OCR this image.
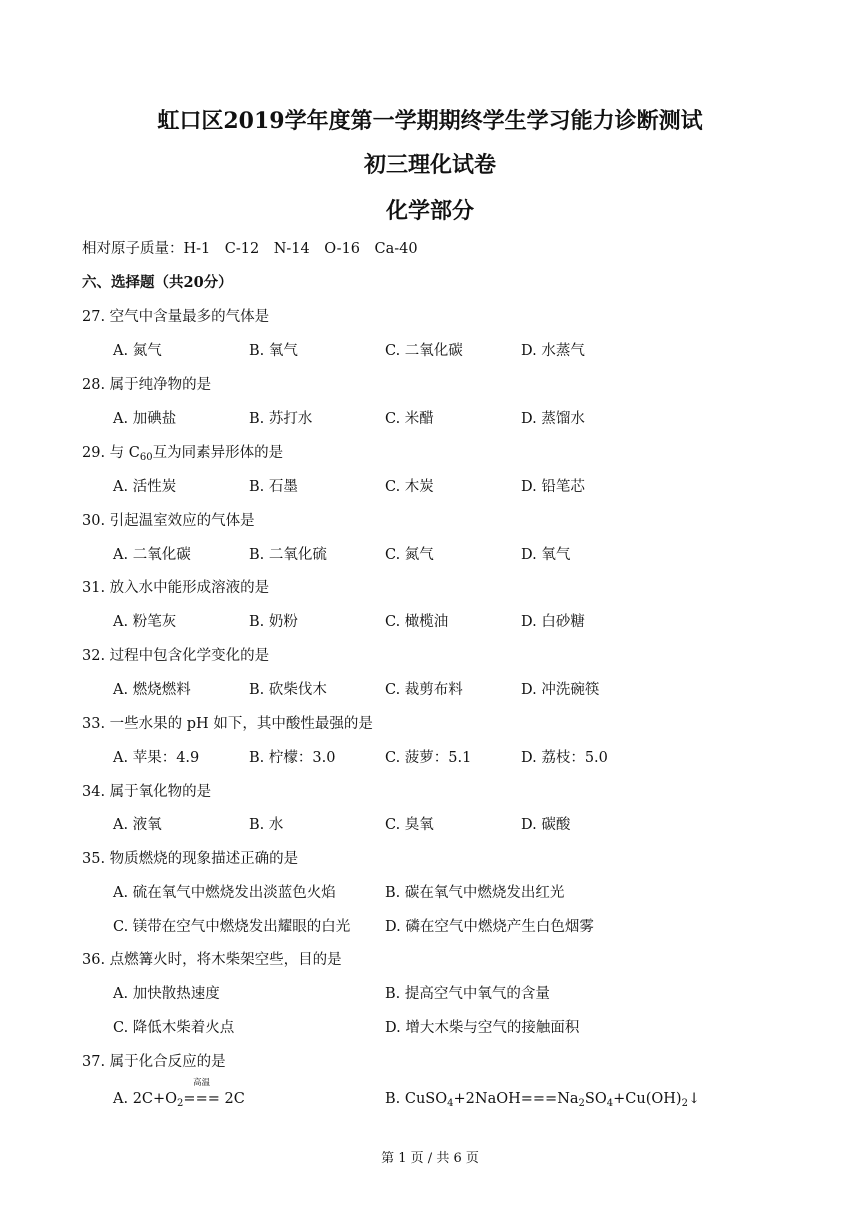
虹口区2019学年度第一学期期终学生学习能力诊断测试
初三理化试卷
化学部分
相对原子质量：H-1　C-12　N-14　O-16　Ca-40
六、选择题（共20分）
27. 空气中含量最多的气体是
A. 氮气	B. 氧气	C. 二氧化碳	D. 水蒸气
28. 属于纯净物的是
A. 加碘盐	B. 苏打水	C. 米醋	D. 蒸馏水
29. 与 $C_{60}$互为同素异形体的是
A. 活性炭	B. 石墨	C. 木炭	D. 铅笔芯
30. 引起温室效应的气体是
A. 二氧化碳	B. 二氧化硫	C. 氮气	D. 氧气
31. 放入水中能形成溶液的是
A. 粉笔灰	B. 奶粉	C. 橄榄油	D. 白砂糖
32. 过程中包含化学变化的是
A. 燃烧燃料	B. 砍柴伐木	C. 裁剪布料	D. 冲洗碗筷
33. 一些水果的 pH 如下，其中酸性最强的是
A. 苹果：4.9	B. 柠檬：3.0	C. 菠萝：5.1	D. 荔枝：5.0
34. 属于氧化物的是
A. 液氧	B. 水	C. 臭氧	D. 碳酸
35. 物质燃烧的现象描述正确的是
A. 硫在氧气中燃烧发出淡蓝色火焰	B. 碳在氧气中燃烧发出红光
C. 镁带在空气中燃烧发出耀眼的白光 D. 磷在空气中燃烧产生白色烟雾
36. 点燃篝火时，将木柴架空些，目的是
A. 加快散热速度	B. 提高空气中氧气的含量
C. 降低木柴着火点	D. 增大木柴与空气的接触面积
37. 属于化合反应的是
A. $2C+O_2$
高温
=== 2C	B. $CuSO_4+2NaOH===Na_2SO_4+Cu(OH)_2↓$
第 1 页 / 共 6 页
